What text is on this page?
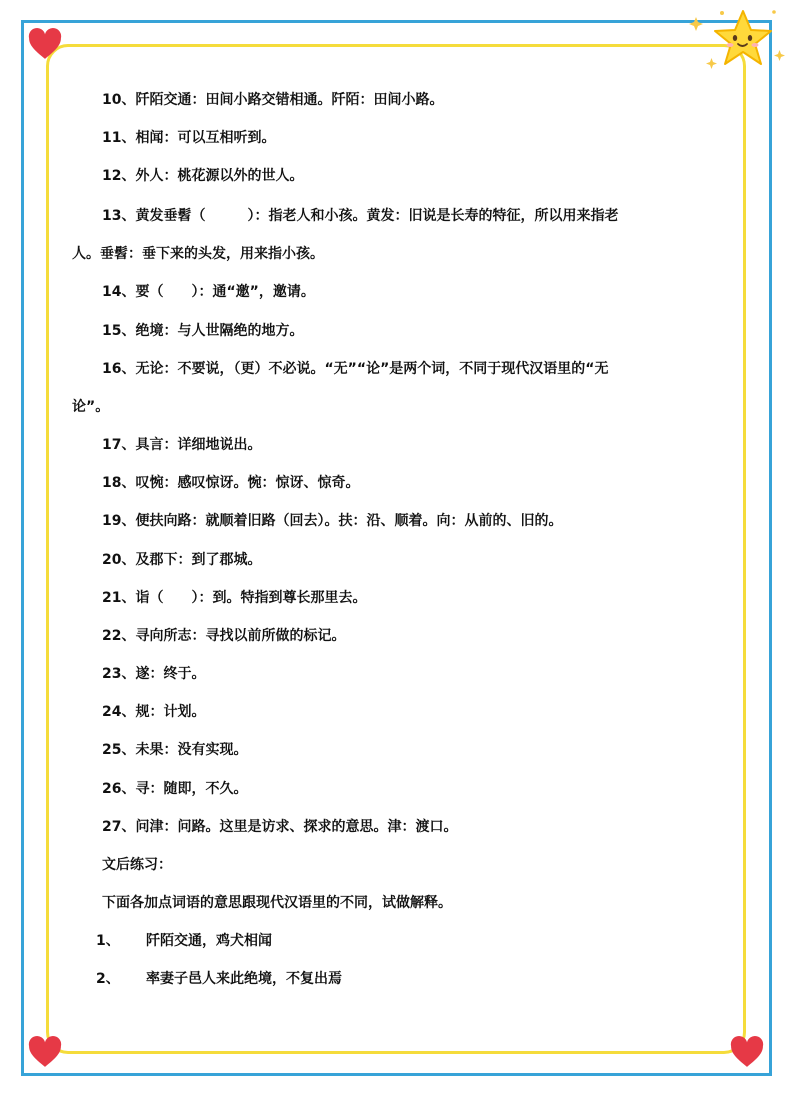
10、阡陌交通：田间小路交错相通。阡陌：田间小路。
11、相闻：可以互相听到。
12、外人：桃花源以外的世人。
13、黄发垂髫（　　　）：指老人和小孩。黄发：旧说是长寿的特征，所以用来指老
人。垂髫：垂下来的头发，用来指小孩。
14、要（　　）：通“邀”，邀请。
15、绝境：与人世隔绝的地方。
16、无论：不要说，（更）不必说。“无”“论”是两个词，不同于现代汉语里的“无
论”。
17、具言：详细地说出。
18、叹惋：感叹惊讶。惋：惊讶、惊奇。
19、便扶向路：就顺着旧路（回去）。扶：沿、顺着。向：从前的、旧的。
20、及郡下：到了郡城。
21、诣（　　）：到。特指到尊长那里去。
22、寻向所志：寻找以前所做的标记。
23、遂：终于。
24、规：计划。
25、未果：没有实现。
26、寻：随即，不久。
27、问津：问路。这里是访求、探求的意思。津：渡口。
文后练习：
下面各加点词语的意思跟现代汉语里的不同，试做解释。
1、 阡陌交通，鸡犬相闻
2、 率妻子邑人来此绝境，不复出焉
